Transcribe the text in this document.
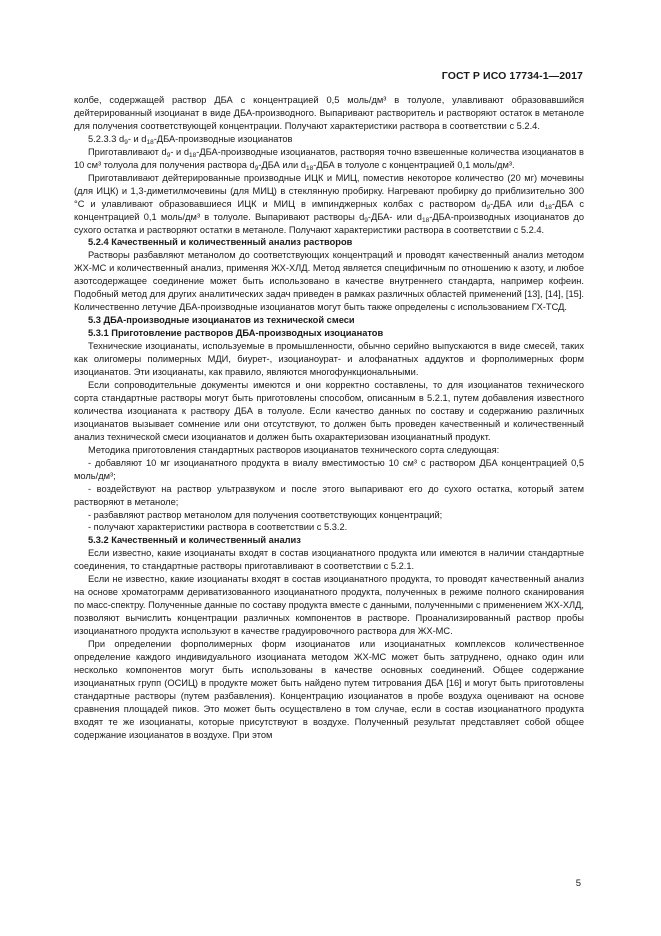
ГОСТ Р ИСО 17734-1—2017

колбе, содержащей раствор ДБА с концентрацией 0,5 моль/дм³ в толуоле, улавливают образовавшийся дейтерированный изоцианат в виде ДБА-производного. Выпаривают растворитель и растворяют остаток в метаноле для получения соответствующей концентрации. Получают характеристики раствора в соответствии с 5.2.4.

5.2.3.3 $d_9-$ и $d_{18}-ДБА$-производные изоцианатов

Приготавливают $d_9-$ и $d_{18}-ДБА$-производные изоцианатов, растворяя точно взвешенные количества изоцианатов в 10 см³ толуола для получения раствора $d_9$-ДБА или $d_{18}$-ДБА в толуоле с концентрацией 0,1 моль/дм³.

Приготавливают дейтерированные производные ИЦК и МИЦ, поместив некоторое количество (20 мг) мочевины (для ИЦК) и 1,3-диметилмочевины (для МИЦ) в стеклянную пробирку. Нагревают пробирку до приблизительно 300 °C и улавливают образовавшиеся ИЦК и МИЦ в импинджерных колбах с раствором $d_9$-ДБА или $d_{18}$-ДБА с концентрацией 0,1 моль/дм³ в толуоле. Выпаривают растворы $d_9-ДБА-$ или $d_{18}-ДБА$-производных изоцианатов до сухого остатка и растворяют остатки в метаноле. Получают характеристики раствора в соответствии с 5.2.4.

5.2.4 Качественный и количественный анализ растворов

Растворы разбавляют метанолом до соответствующих концентраций и проводят качественный анализ методом ЖХ-МС и количественный анализ, применяя ЖХ-ХЛД. Метод является специфичным по отношению к азоту, и любое азотсодержащее соединение может быть использовано в качестве внутреннего стандарта, например кофеин. Подобный метод для других аналитических задач приведен в рамках различных областей применений [13], [14], [15]. Количественно летучие ДБА-производные изоцианатов могут быть также определены с использованием ГХ-ТСД.

5.3 ДБА-производные изоцианатов из технической смеси

5.3.1 Приготовление растворов ДБА-производных изоцианатов

Технические изоцианаты, используемые в промышленности, обычно серийно выпускаются в виде смесей, таких как олигомеры полимерных МДИ, биурет-, изоцианоурат- и алофанатных аддуктов и форполимерных форм изоцианатов. Эти изоцианаты, как правило, являются многофункциональными.

Если сопроводительные документы имеются и они корректно составлены, то для изоцианатов технического сорта стандартные растворы могут быть приготовлены способом, описанным в 5.2.1, путем добавления известного количества изоцианата к раствору ДБА в толуоле. Если качество данных по составу и содержанию различных изоцианатов вызывает сомнение или они отсутствуют, то должен быть проведен качественный и количественный анализ технической смеси изоцианатов и должен быть охарактеризован изоцианатный продукт.

Методика приготовления стандартных растворов изоцианатов технического сорта следующая:

- добавляют 10 мг изоцианатного продукта в виалу вместимостью 10 см³ с раствором ДБА концентрацией 0,5 моль/дм³;

- воздействуют на раствор ультразвуком и после этого выпаривают его до сухого остатка, который затем растворяют в метаноле;

- разбавляют раствор метанолом для получения соответствующих концентраций;

- получают характеристики раствора в соответствии с 5.3.2.

5.3.2 Качественный и количественный анализ

Если известно, какие изоцианаты входят в состав изоцианатного продукта или имеются в наличии стандартные соединения, то стандартные растворы приготавливают в соответствии с 5.2.1.

Если не известно, какие изоцианаты входят в состав изоцианатного продукта, то проводят качественный анализ на основе хроматограмм дериватизованного изоцианатного продукта, полученных в режиме полного сканирования по масс-спектру. Полученные данные по составу продукта вместе с данными, полученными с применением ЖХ-ХЛД, позволяют вычислить концентрации различных компонентов в растворе. Проанализированный раствор пробы изоцианатного продукта используют в качестве градуировочного раствора для ЖХ-МС.

При определении форполимерных форм изоцианатов или изоцианатных комплексов количественное определение каждого индивидуального изоцианата методом ЖХ-МС может быть затруднено, однако один или несколько компонентов могут быть использованы в качестве основных соединений. Общее содержание изоцианатных групп (ОСИЦ) в продукте может быть найдено путем титрования ДБА [16] и могут быть приготовлены стандартные растворы (путем разбавления). Концентрацию изоцианатов в пробе воздуха оценивают на основе сравнения площадей пиков. Это может быть осуществлено в том случае, если в состав изоцианатного продукта входят те же изоцианаты, которые присутствуют в воздухе. Полученный результат представляет собой общее содержание изоцианатов в воздухе. При этом

5
